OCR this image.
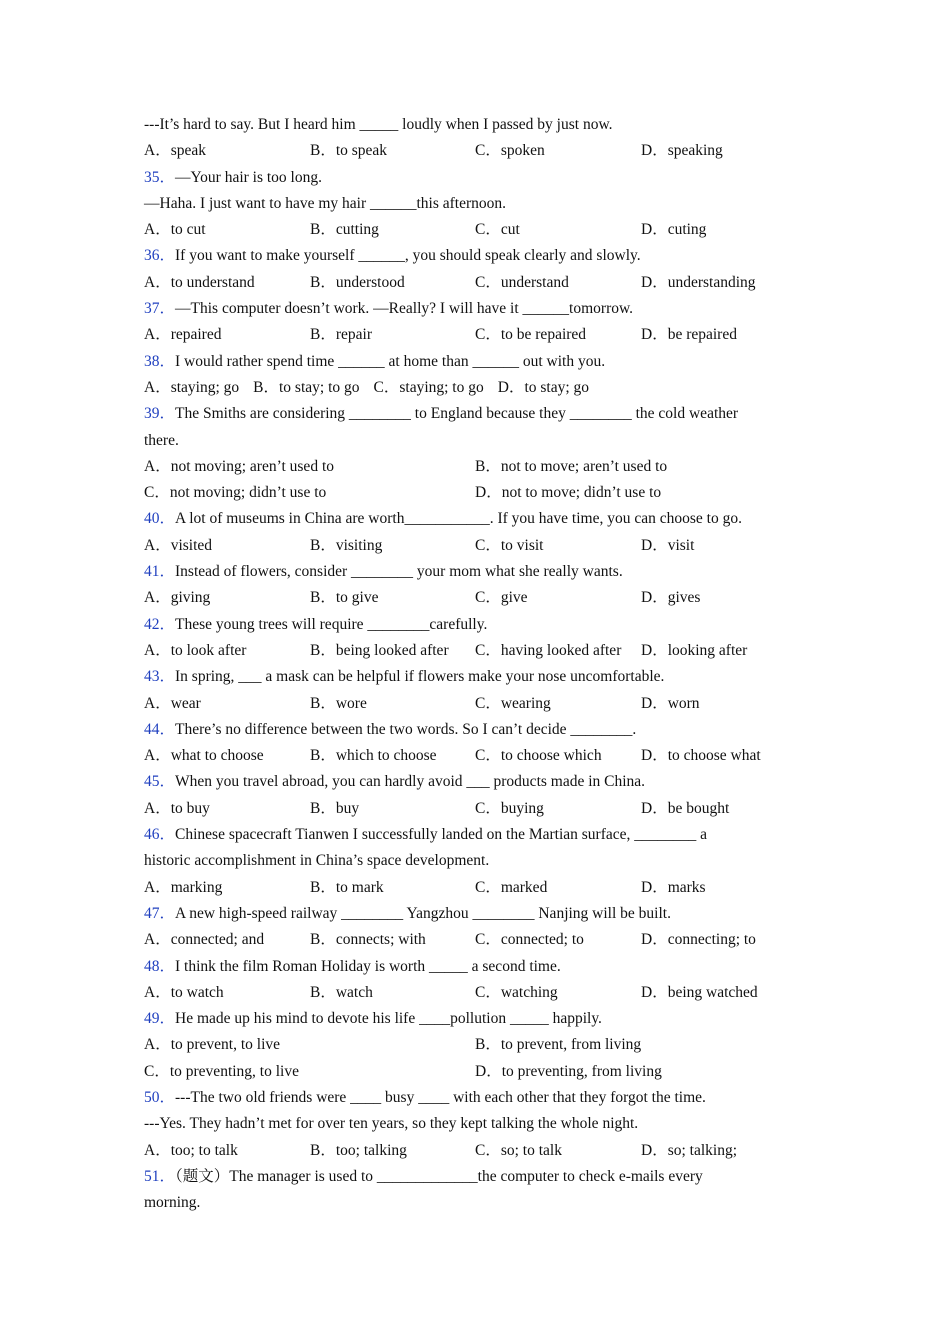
---It’s hard to say. But I heard him _____ loudly when I passed by just now.
A．speak	B．to speak	C．spoken	D．speaking
35．—Your hair is too long.
—Haha. I just want to have my hair ______this afternoon.
A．to cut	B．cutting	C．cut	D．cuting
36．If you want to make yourself ______, you should speak clearly and slowly.
A．to understand	B．understood	C．understand	D．understanding
37．—This computer doesn’t work. —Really? I will have it ______tomorrow.
A．repaired	B．repair	C．to be repaired	D．be repaired
38．I would rather spend time ______ at home than ______ out with you.
A．staying; go B．to stay; to go C．staying; to go D．to stay; go
39．The Smiths are considering ________ to England because they ________ the cold weather
there.
A．not moving; aren’t used to	B．not to move; aren’t used to
C．not moving; didn’t use to	D．not to move; didn’t use to
40．A lot of museums in China are worth___________. If you have time, you can choose to go.
A．visited	B．visiting	C．to visit	D．visit
41．Instead of flowers, consider ________ your mom what she really wants.
A．giving	B．to give	C．give	D．gives
42．These young trees will require ________carefully.
A．to look after	B．being looked after C．having looked after D．looking after
43．In spring, ___ a mask can be helpful if flowers make your nose uncomfortable.
A．wear	B．wore	C．wearing	D．worn
44．There’s no difference between the two words. So I can’t decide ________.
A．what to choose	B．which to choose C．to choose which	D．to choose what
45．When you travel abroad, you can hardly avoid ___ products made in China.
A．to buy	B．buy	C．buying	D．be bought
46．Chinese spacecraft Tianwen I successfully landed on the Martian surface, ________ a
historic accomplishment in China’s space development.
A．marking	B．to mark	C．marked	D．marks
47．A new high-speed railway ________ Yangzhou ________ Nanjing will be built.
A．connected; and	B．connects; with	C．connected; to	D．connecting; to
48．I think the film Roman Holiday is worth _____ a second time.
A．to watch	B．watch	C．watching	D．being watched
49．He made up his mind to devote his life ____pollution _____ happily.
A．to prevent, to live	B．to prevent, from living
C．to preventing, to live	D．to preventing, from living
50．---The two old friends were ____ busy ____ with each other that they forgot the time.
---Yes. They hadn’t met for over ten years, so they kept talking the whole night.
A．too; to talk	B．too; talking	C．so; to talk	D．so; talking;
51．（题文）The manager is used to _____________the computer to check e-mails every
morning.
